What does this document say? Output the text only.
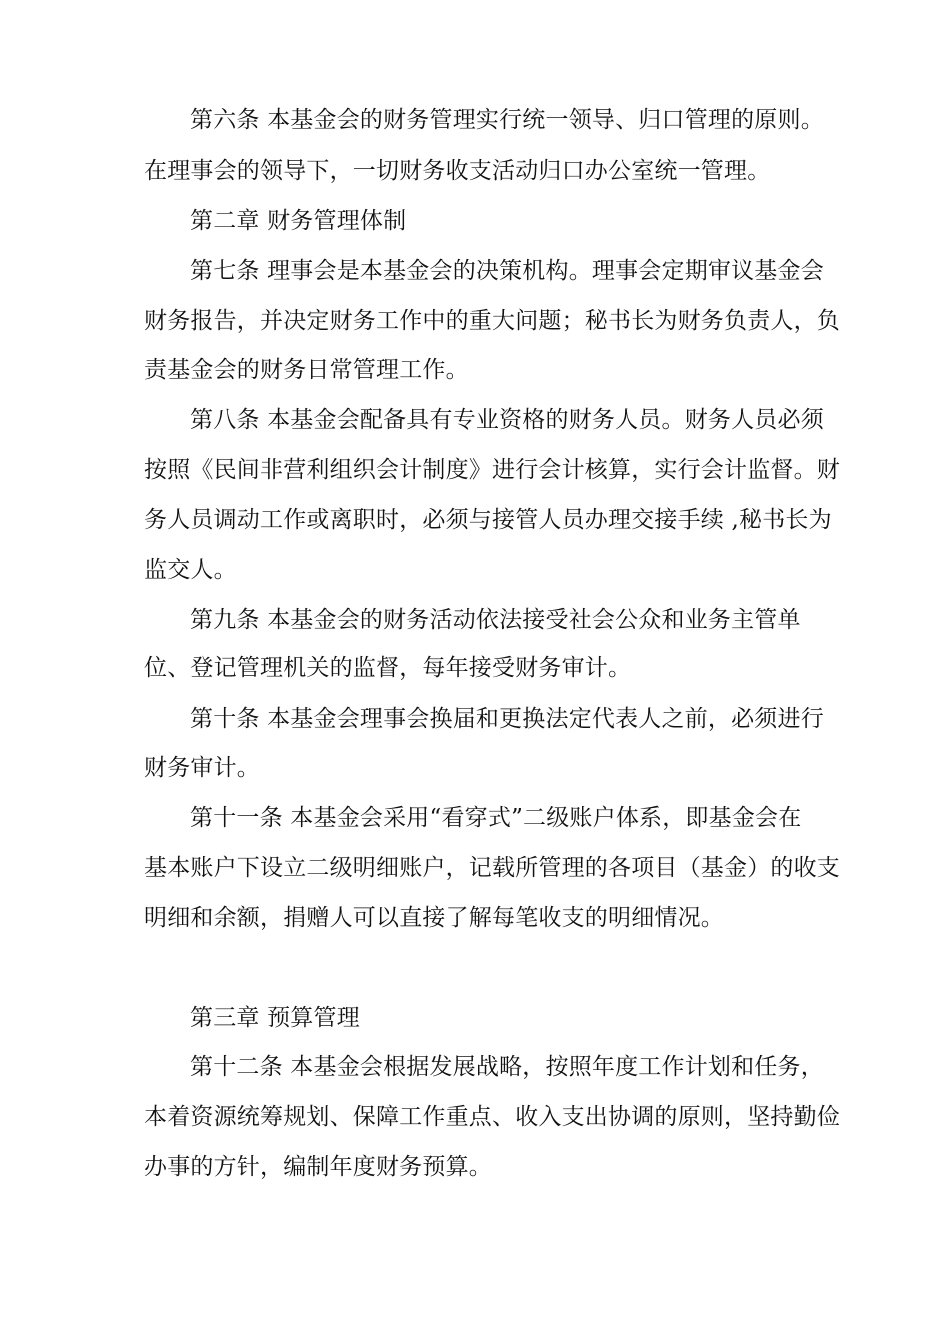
第六条 本基金会的财务管理实行统一领导、归口管理的原则。
在理事会的领导下，一切财务收支活动归口办公室统一管理。
第二章 财务管理体制
第七条 理事会是本基金会的决策机构。理事会定期审议基金会
财务报告，并决定财务工作中的重大问题；秘书长为财务负责人，负
责基金会的财务日常管理工作。
第八条 本基金会配备具有专业资格的财务人员。财务人员必须
按照《民间非营利组织会计制度》进行会计核算，实行会计监督。财
务人员调动工作或离职时，必须与接管人员办理交接手续 ,秘书长为
监交人。
第九条 本基金会的财务活动依法接受社会公众和业务主管单
位、登记管理机关的监督，每年接受财务审计。
第十条 本基金会理事会换届和更换法定代表人之前，必须进行
财务审计。
第十一条 本基金会采用“看穿式”二级账户体系，即基金会在
基本账户下设立二级明细账户，记载所管理的各项目（基金）的收支
明细和余额，捐赠人可以直接了解每笔收支的明细情况。
第三章 预算管理
第十二条 本基金会根据发展战略，按照年度工作计划和任务，
本着资源统筹规划、保障工作重点、收入支出协调的原则，坚持勤俭
办事的方针，编制年度财务预算。
